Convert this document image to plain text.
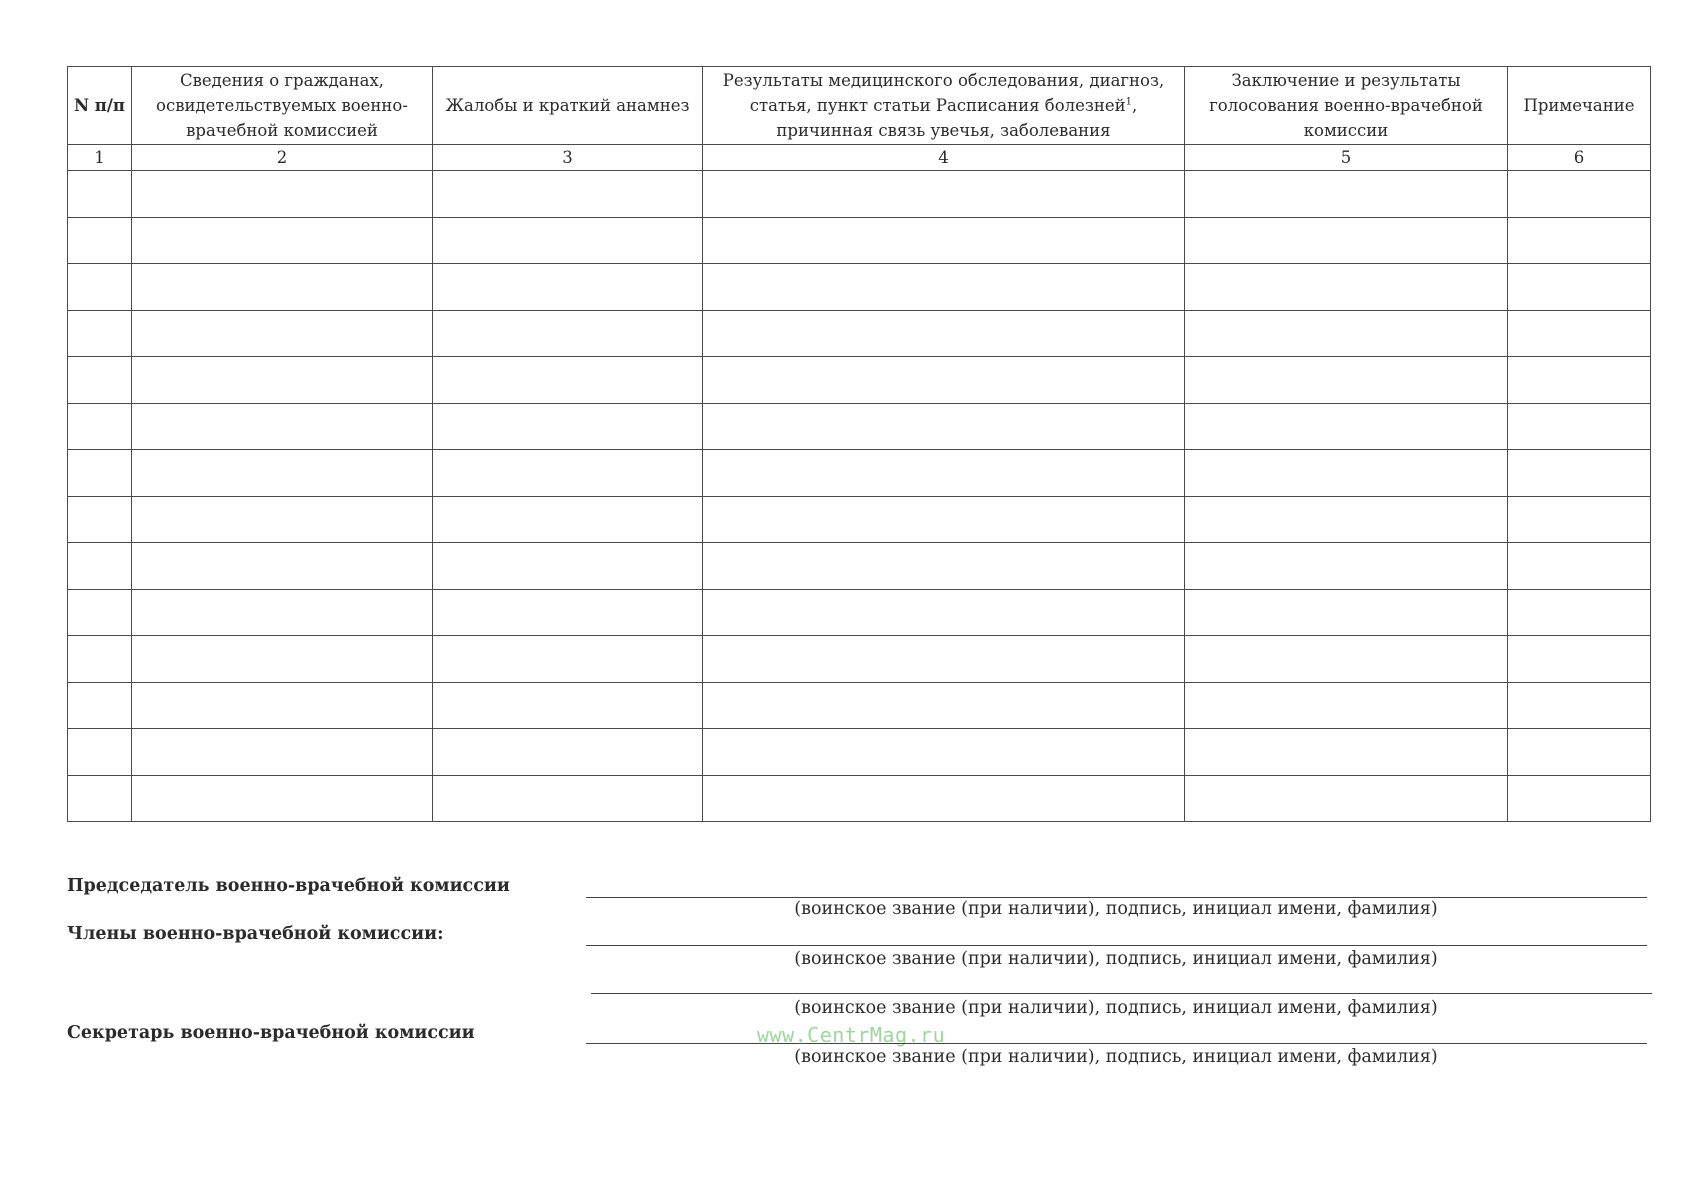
N п/п	Сведения о гражданах, освидетельствуемых военно-врачебной комиссией	Жалобы и краткий анамнез	Результаты медицинского обследования, диагноз, статья, пункт статьи Расписания болезней$^1$, причинная связь увечья, заболевания	Заключение и результаты голосования военно-врачебной комиссии	Примечание
1	2	3	4	5	6

Председатель военно-врачебной комиссии
(воинское звание (при наличии), подпись, инициал имени, фамилия)
Члены военно-врачебной комиссии:
(воинское звание (при наличии), подпись, инициал имени, фамилия)
(воинское звание (при наличии), подпись, инициал имени, фамилия)
Секретарь военно-врачебной комиссии	www.CentrMag.ru
(воинское звание (при наличии), подпись, инициал имени, фамилия)
